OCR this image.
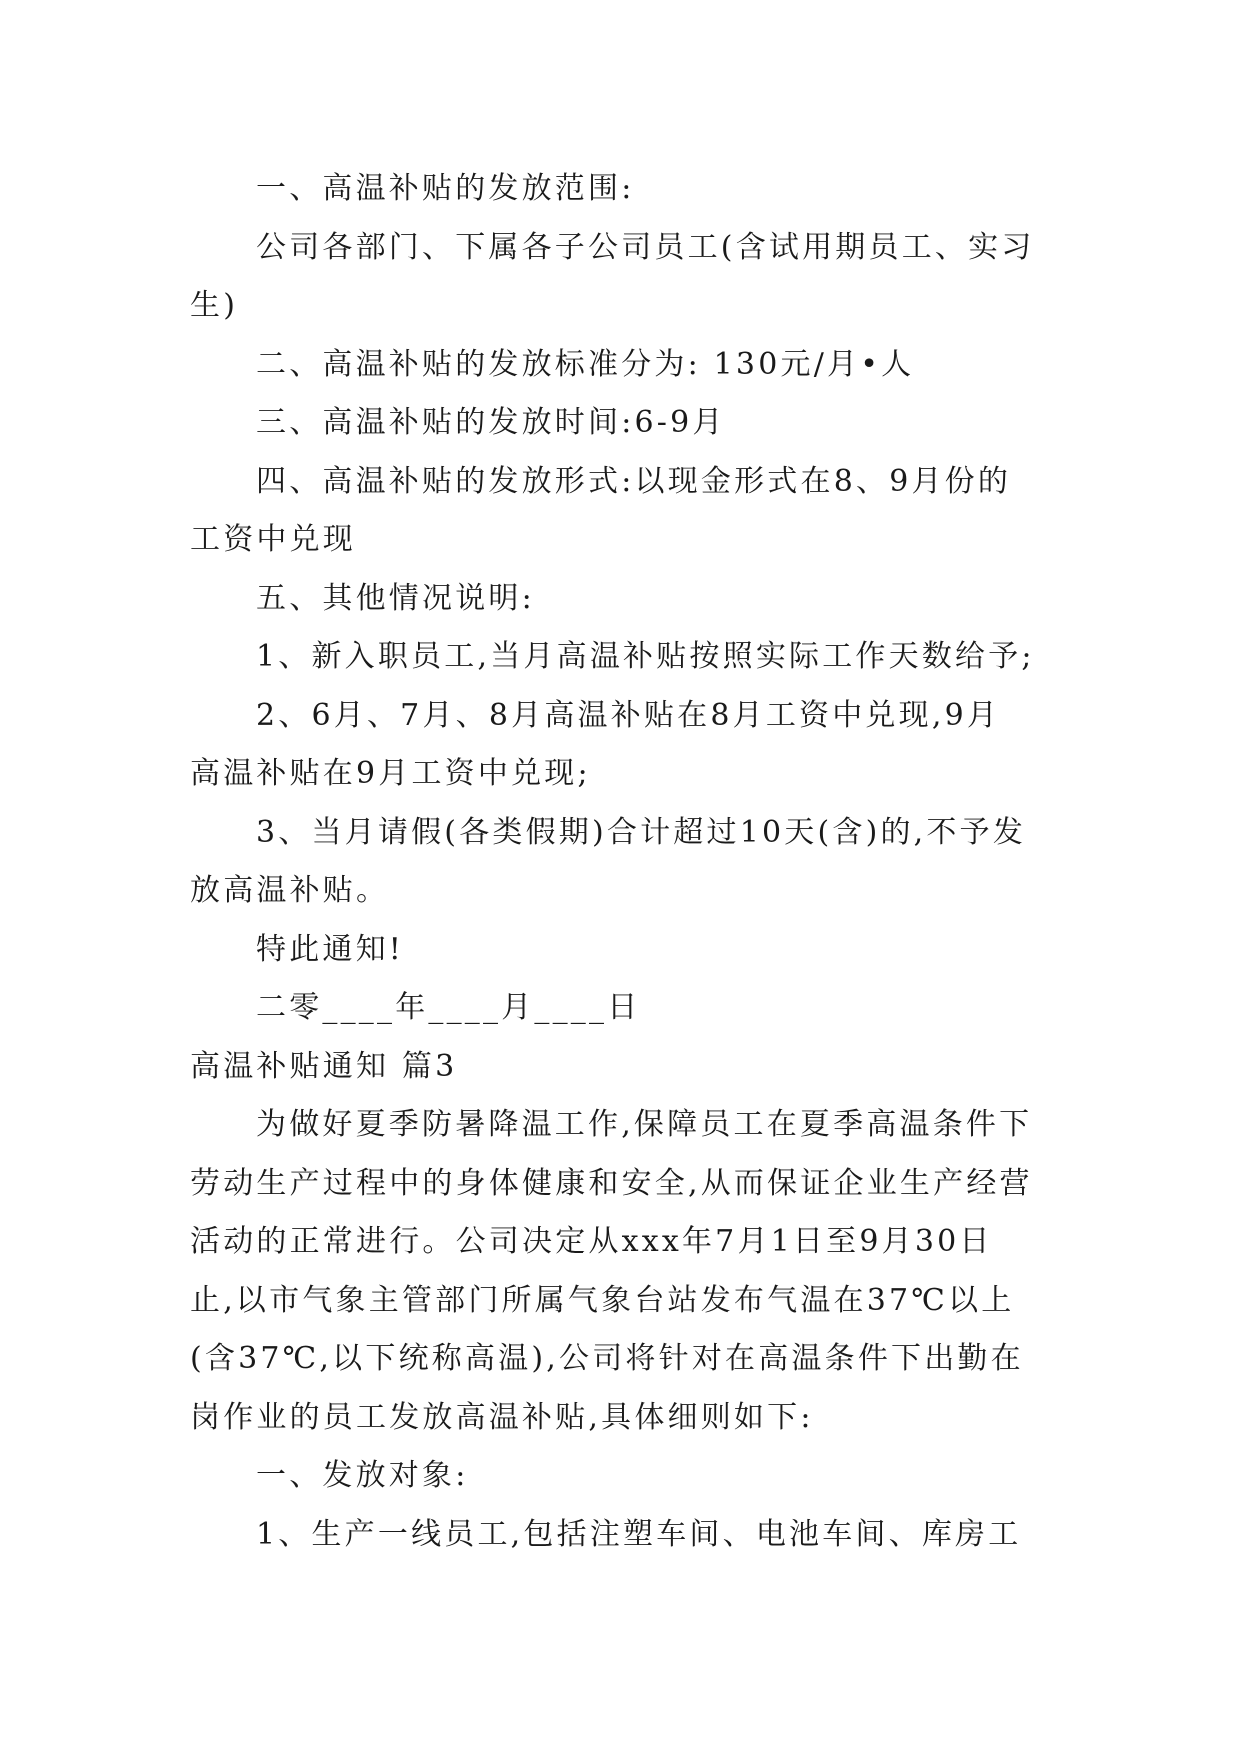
一、高温补贴的发放范围:

公司各部门、下属各子公司员工(含试用期员工、实习

生)

二、高温补贴的发放标准分为: 130元/月•人

三、高温补贴的发放时间:6-9月

四、高温补贴的发放形式:以现金形式在8、9月份的

工资中兑现

五、其他情况说明:

1、新入职员工,当月高温补贴按照实际工作天数给予;

2、6月、7月、8月高温补贴在8月工资中兑现,9月

高温补贴在9月工资中兑现;

3、当月请假(各类假期)合计超过10天(含)的,不予发

放高温补贴。

特此通知!

二零____年____月____日

高温补贴通知 篇3

为做好夏季防暑降温工作,保障员工在夏季高温条件下

劳动生产过程中的身体健康和安全,从而保证企业生产经营

活动的正常进行。公司决定从xxx年7月1日至9月30日

止,以市气象主管部门所属气象台站发布气温在37℃以上

(含37℃,以下统称高温),公司将针对在高温条件下出勤在

岗作业的员工发放高温补贴,具体细则如下:

一、发放对象:

1、生产一线员工,包括注塑车间、电池车间、库房工
